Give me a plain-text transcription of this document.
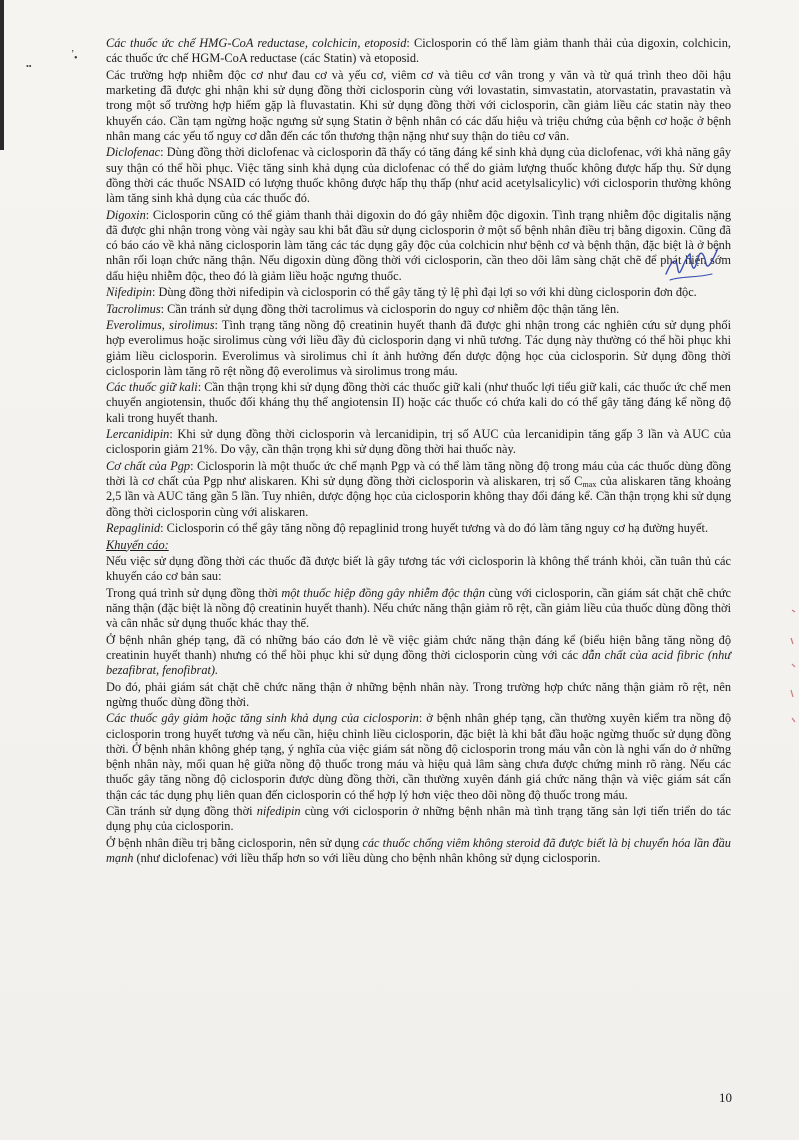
‚
•
••

Các thuốc ức chế HMG-CoA reductase, colchicin, etoposid: Ciclosporin có thể làm giảm thanh thải của digoxin, colchicin, các thuốc ức chế HGM-CoA reductase (các Statin) và etoposid.

Các trường hợp nhiễm độc cơ như đau cơ và yếu cơ, viêm cơ và tiêu cơ vân trong y văn và từ quá trình theo dõi hậu marketing đã được ghi nhận khi sử dụng đồng thời ciclosporin cùng với lovastatin, simvastatin, atorvastatin, pravastatin và trong một số trường hợp hiếm gặp là fluvastatin. Khi sử dụng đồng thời với ciclosporin, cần giảm liều các statin này theo khuyến cáo. Cần tạm ngừng hoặc ngưng sử sụng Statin ở bệnh nhân có các dấu hiệu và triệu chứng của bệnh cơ hoặc ở bệnh nhân mang các yếu tố nguy cơ dẫn đến các tổn thương thận nặng như suy thận do tiêu cơ vân.

Diclofenac: Dùng đồng thời diclofenac và ciclosporin đã thấy có tăng đáng kể sinh khả dụng của diclofenac, với khả năng gây suy thận có thể hồi phục. Việc tăng sinh khả dụng của diclofenac có thể do giảm lượng thuốc không được hấp thụ. Sử dụng đồng thời các thuốc NSAID có lượng thuốc không được hấp thụ thấp (như acid acetylsalicylic) với ciclosporin thường không làm tăng sinh khả dụng của các thuốc đó.

Digoxin: Ciclosporin cũng có thể giảm thanh thải digoxin do đó gây nhiễm độc digoxin. Tình trạng nhiễm độc digitalis nặng đã được ghi nhận trong vòng vài ngày sau khi bắt đầu sử dụng ciclosporin ở một số bệnh nhân điều trị bằng digoxin. Cũng đã có báo cáo về khả năng ciclosporin làm tăng các tác dụng gây độc của colchicin như bệnh cơ và bệnh thận, đặc biệt là ở bệnh nhân rối loạn chức năng thận. Nếu digoxin dùng đồng thời với ciclosporin, cần theo dõi lâm sàng chặt chẽ để phát hiện sớm dấu hiệu nhiễm độc, theo đó là giảm liều hoặc ngưng thuốc.

Nifedipin: Dùng đồng thời nifedipin và ciclosporin có thể gây tăng tỷ lệ phì đại lợi so với khi dùng ciclosporin đơn độc.

Tacrolimus: Cần tránh sử dụng đồng thời tacrolimus và ciclosporin do nguy cơ nhiễm độc thận tăng lên.

Everolimus, sirolimus: Tình trạng tăng nồng độ creatinin huyết thanh đã được ghi nhận trong các nghiên cứu sử dụng phối hợp everolimus hoặc sirolimus cùng với liều đầy đủ ciclosporin dạng vi nhũ tương. Tác dụng này thường có thể hồi phục khi giảm liều ciclosporin. Everolimus và sirolimus chỉ ít ảnh hưởng đến dược động học của ciclosporin. Sử dụng đồng thời ciclosporin làm tăng rõ rệt nồng độ everolimus và sirolimus trong máu.

Các thuốc giữ kali: Cần thận trọng khi sử dụng đồng thời các thuốc giữ kali (như thuốc lợi tiểu giữ kali, các thuốc ức chế men chuyển angiotensin, thuốc đối kháng thụ thể angiotensin II) hoặc các thuốc có chứa kali do có thể gây tăng đáng kể nồng độ kali trong huyết thanh.

Lercanidipin: Khi sử dụng đồng thời ciclosporin và lercanidipin, trị số AUC của lercanidipin tăng gấp 3 lần và AUC của ciclosporin giảm 21%. Do vậy, cần thận trọng khi sử dụng đồng thời hai thuốc này.

Cơ chất của Pgp: Ciclosporin là một thuốc ức chế mạnh Pgp và có thể làm tăng nồng độ trong máu của các thuốc dùng đồng thời là cơ chất của Pgp như aliskaren. Khi sử dụng đồng thời ciclosporin và aliskaren, trị số $C_{max}$ của aliskaren tăng khoảng 2,5 lần và AUC tăng gần 5 lần. Tuy nhiên, dược động học của ciclosporin không thay đổi đáng kể. Cần thận trọng khi sử dụng đồng thời ciclosporin cùng với aliskaren.

Repaglinid: Ciclosporin có thể gây tăng nồng độ repaglinid trong huyết tương và do đó làm tăng nguy cơ hạ đường huyết.

Khuyến cáo:

Nếu việc sử dụng đồng thời các thuốc đã được biết là gây tương tác với ciclosporin là không thể tránh khỏi, cần tuân thủ các khuyến cáo cơ bản sau:

Trong quá trình sử dụng đồng thời một thuốc hiệp đồng gây nhiễm độc thận cùng với ciclosporin, cần giám sát chặt chẽ chức năng thận (đặc biệt là nồng độ creatinin huyết thanh). Nếu chức năng thận giảm rõ rệt, cần giảm liều của thuốc dùng đồng thời và cân nhắc sử dụng thuốc khác thay thế.

Ở bệnh nhân ghép tạng, đã có những báo cáo đơn lẻ về việc giảm chức năng thận đáng kể (biểu hiện bằng tăng nồng độ creatinin huyết thanh) nhưng có thể hồi phục khi sử dụng đồng thời ciclosporin cùng với các dẫn chất của acid fibric (như bezafibrat, fenofibrat).

Do đó, phải giám sát chặt chẽ chức năng thận ở những bệnh nhân này. Trong trường hợp chức năng thận giảm rõ rệt, nên ngừng thuốc dùng đồng thời.

Các thuốc gây giảm hoặc tăng sinh khả dụng của ciclosporin: ở bệnh nhân ghép tạng, cần thường xuyên kiểm tra nồng độ ciclosporin trong huyết tương và nếu cần, hiệu chỉnh liều ciclosporin, đặc biệt là khi bắt đầu hoặc ngừng thuốc sử dụng đồng thời. Ở bệnh nhân không ghép tạng, ý nghĩa của việc giám sát nồng độ ciclosporin trong máu vẫn còn là nghi vấn do ở những bệnh nhân này, mối quan hệ giữa nồng độ thuốc trong máu và hiệu quả lâm sàng chưa được chứng minh rõ ràng. Nếu các thuốc gây tăng nồng độ ciclosporin được dùng đồng thời, cần thường xuyên đánh giá chức năng thận và việc giám sát cẩn thận các tác dụng phụ liên quan đến ciclosporin có thể hợp lý hơn việc theo dõi nồng độ thuốc trong máu.

Cần tránh sử dụng đồng thời nifedipin cùng với ciclosporin ở những bệnh nhân mà tình trạng tăng sản lợi tiến triển do tác dụng phụ của ciclosporin.

Ở bệnh nhân điều trị bằng ciclosporin, nên sử dụng các thuốc chống viêm không steroid đã được biết là bị chuyển hóa lần đầu mạnh (như diclofenac) với liều thấp hơn so với liều dùng cho bệnh nhân không sử dụng ciclosporin.

10
